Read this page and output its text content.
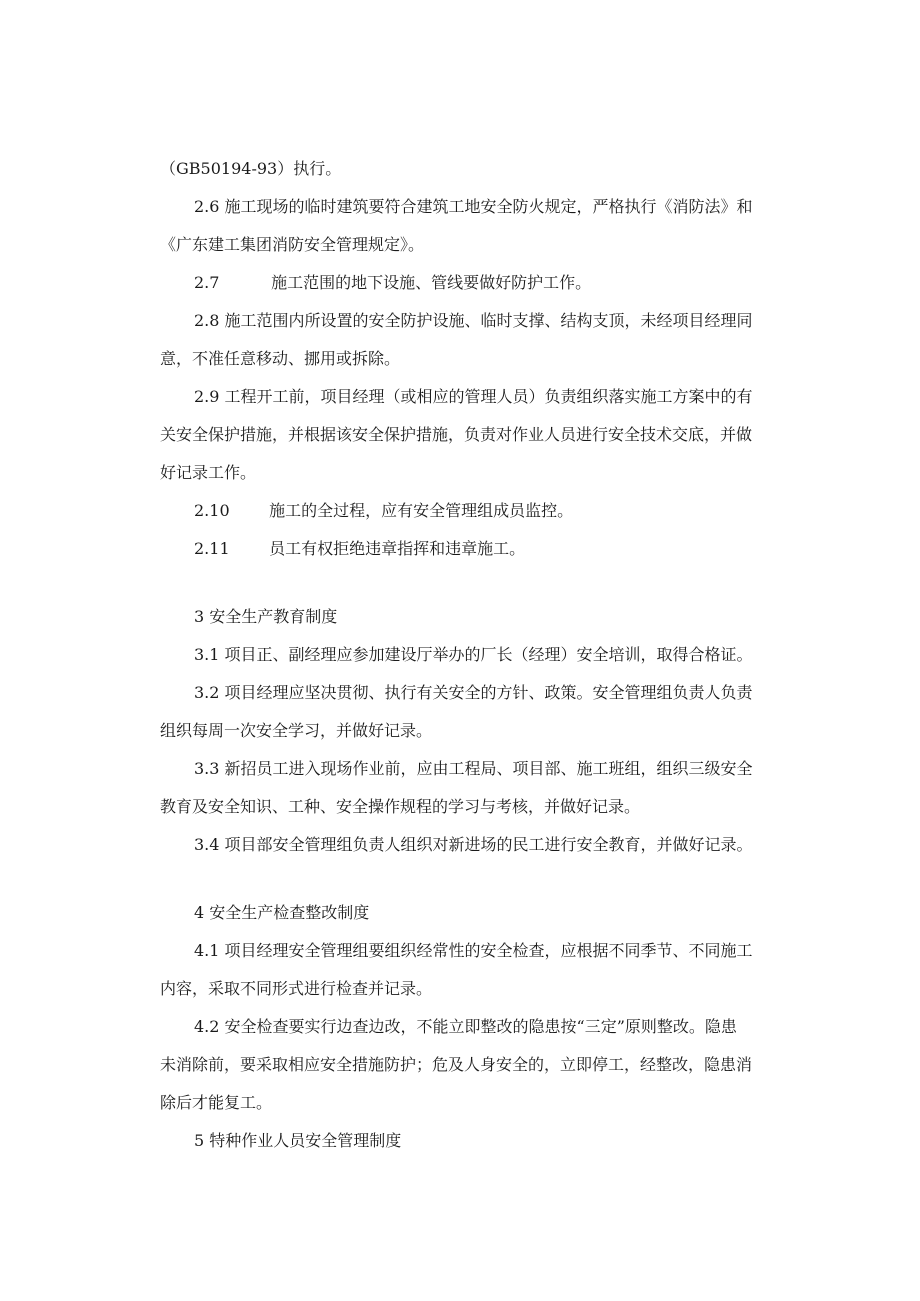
（GB50194-93）执行。
2.6 施工现场的临时建筑要符合建筑工地安全防火规定，严格执行《消防法》和
《广东建工集团消防安全管理规定》。
2.7	施工范围的地下设施、管线要做好防护工作。
2.8 施工范围内所设置的安全防护设施、临时支撑、结构支顶，未经项目经理同
意，不准任意移动、挪用或拆除。
2.9 工程开工前，项目经理（或相应的管理人员）负责组织落实施工方案中的有
关安全保护措施，并根据该安全保护措施，负责对作业人员进行安全技术交底，并做
好记录工作。
2.10 施工的全过程，应有安全管理组成员监控。
2.11 员工有权拒绝违章指挥和违章施工。
3 安全生产教育制度
3.1 项目正、副经理应参加建设厅举办的厂长（经理）安全培训，取得合格证。
3.2 项目经理应坚决贯彻、执行有关安全的方针、政策。安全管理组负责人负责
组织每周一次安全学习，并做好记录。
3.3 新招员工进入现场作业前，应由工程局、项目部、施工班组，组织三级安全
教育及安全知识、工种、安全操作规程的学习与考核，并做好记录。
3.4 项目部安全管理组负责人组织对新进场的民工进行安全教育，并做好记录。
4 安全生产检查整改制度
4.1 项目经理安全管理组要组织经常性的安全检查，应根据不同季节、不同施工
内容，采取不同形式进行检查并记录。
4.2 安全检查要实行边查边改，不能立即整改的隐患按“三定”原则整改。隐患
未消除前，要采取相应安全措施防护；危及人身安全的，立即停工，经整改，隐患消
除后才能复工。
5 特种作业人员安全管理制度
